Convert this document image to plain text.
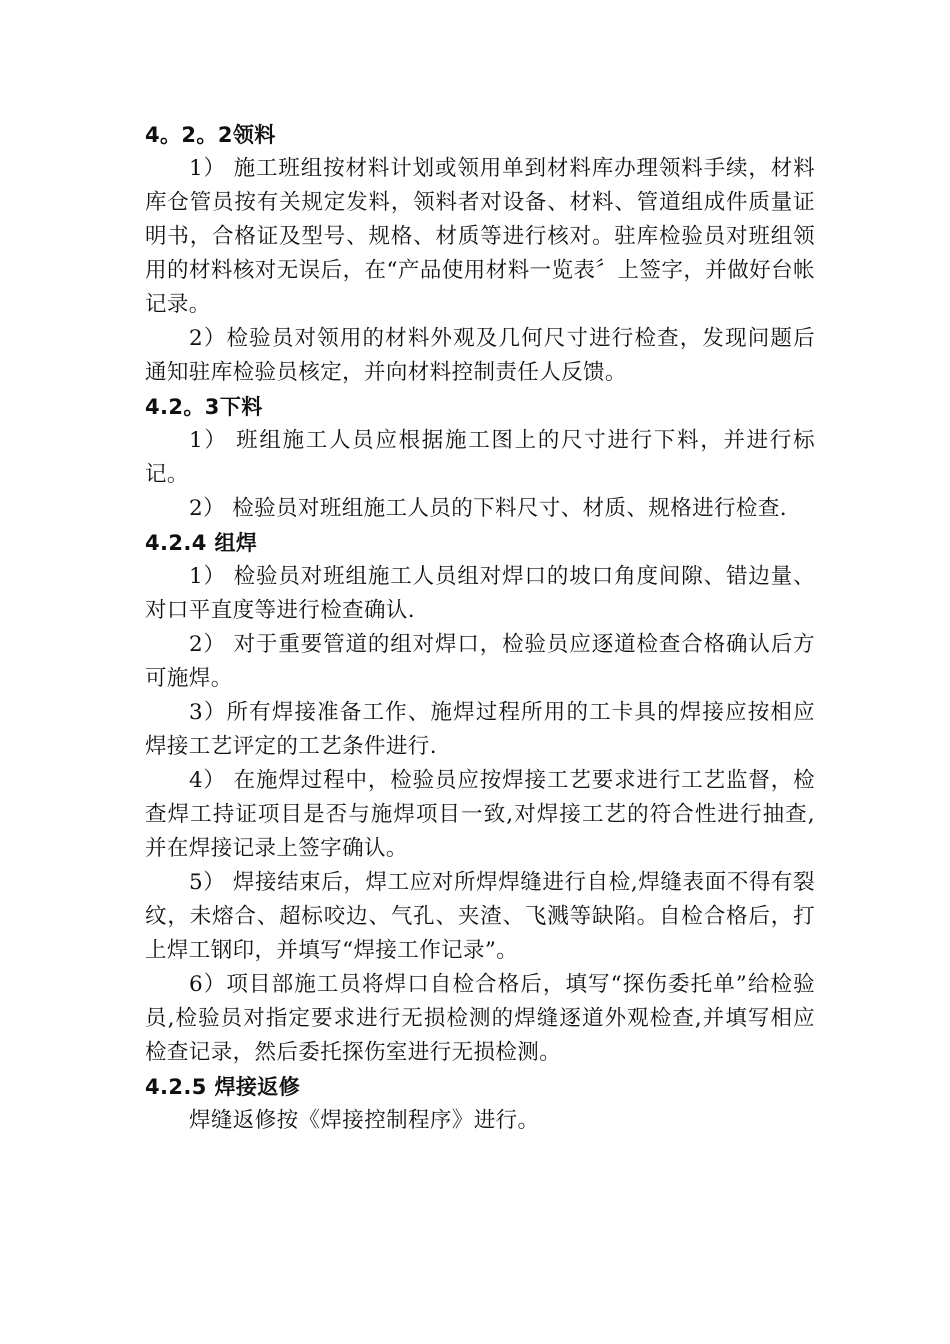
4。2。2领料

1） 施工班组按材料计划或领用单到材料库办理领料手续，材料库仓管员按有关规定发料，领料者对设备、材料、管道组成件质量证明书，合格证及型号、规格、材质等进行核对。驻库检验员对班组领用的材料核对无误后，在“产品使用材料一览表〞上签字，并做好台帐记录。

2）检验员对领用的材料外观及几何尺寸进行检查，发现问题后通知驻库检验员核定，并向材料控制责任人反馈。

4.2。3下料

1） 班组施工人员应根据施工图上的尺寸进行下料，并进行标记。

2） 检验员对班组施工人员的下料尺寸、材质、规格进行检查.

4.2.4 组焊

1） 检验员对班组施工人员组对焊口的坡口角度间隙、错边量、对口平直度等进行检查确认.

2） 对于重要管道的组对焊口，检验员应逐道检查合格确认后方可施焊。

3）所有焊接准备工作、施焊过程所用的工卡具的焊接应按相应焊接工艺评定的工艺条件进行.

4） 在施焊过程中，检验员应按焊接工艺要求进行工艺监督，检查焊工持证项目是否与施焊项目一致,对焊接工艺的符合性进行抽查,并在焊接记录上签字确认。

5） 焊接结束后，焊工应对所焊焊缝进行自检,焊缝表面不得有裂纹，未熔合、超标咬边、气孔、夹渣、飞溅等缺陷。自检合格后，打上焊工钢印，并填写“焊接工作记录”。

6）项目部施工员将焊口自检合格后，填写“探伤委托单”给检验员,检验员对指定要求进行无损检测的焊缝逐道外观检查,并填写相应检查记录，然后委托探伤室进行无损检测。

4.2.5 焊接返修

焊缝返修按《焊接控制程序》进行。
